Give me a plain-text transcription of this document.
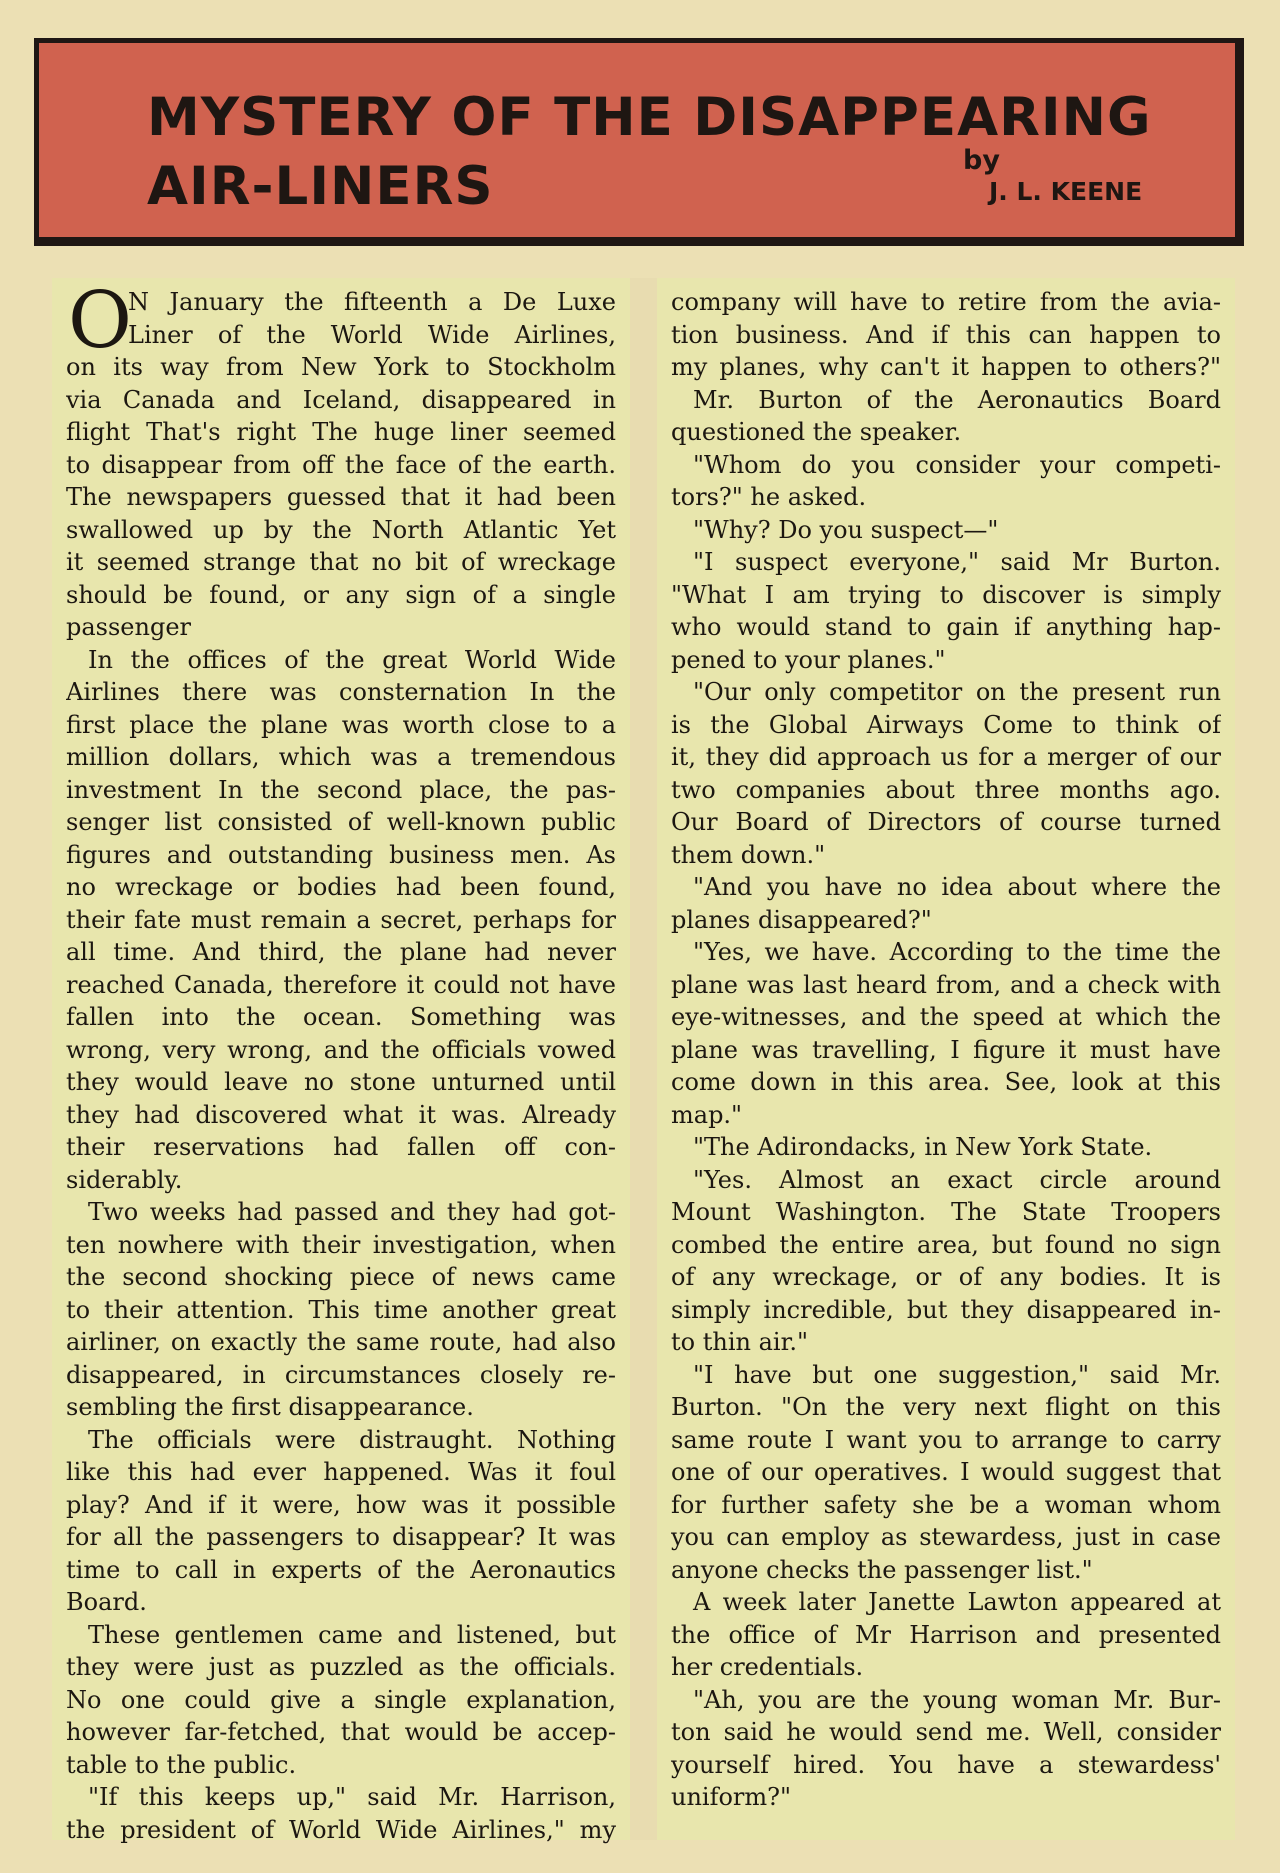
MYSTERY OF THE DISAPPEARING
AIR-LINERS	by
J. L. KEENE
N January the fifteenth a De Luxe
Liner of the World Wide Airlines,
on its way from New York to Stockholm
via Canada and Iceland, disappeared in
flight That's right The huge liner seemed
to disappear from off the face of the earth.
The newspapers guessed that it had been
swallowed up by the North Atlantic Yet
it seemed strange that no bit of wreckage
should be found, or any sign of a single
passenger
In the offices of the great World Wide
Airlines there was consternation In the
first place the plane was worth close to a
million dollars, which was a tremendous
investment In the second place, the pas-
senger list consisted of well-known public
figures and outstanding business men. As
no wreckage or bodies had been found,
their fate must remain a secret, perhaps for
all time. And third, the plane had never
reached Canada, therefore it could not have
fallen into the ocean. Something was
wrong, very wrong, and the officials vowed
they would leave no stone unturned until
they had discovered what it was. Already
their reservations had fallen off con-
siderably.
Two weeks had passed and they had got-
ten nowhere with their investigation, when
the second shocking piece of news came
to their attention. This time another great
airliner, on exactly the same route, had also
disappeared, in circumstances closely re-
sembling the first disappearance.
The officials were distraught. Nothing
like this had ever happened. Was it foul
play? And if it were, how was it possible
for all the passengers to disappear? It was
time to call in experts of the Aeronautics
Board.
These gentlemen came and listened, but
they were just as puzzled as the officials.
No one could give a single explanation,
however far-fetched, that would be accep-
table to the public.
"If this keeps up," said Mr. Harrison,
the president of World Wide Airlines," my
company will have to retire from the avia-
tion business. And if this can happen to
my planes, why can't it happen to others?"
Mr. Burton of the Aeronautics Board
questioned the speaker.
"Whom do you consider your competi-
tors?" he asked.
"Why? Do you suspect—"
"I suspect everyone," said Mr Burton.
"What I am trying to discover is simply
who would stand to gain if anything hap-
pened to your planes."
"Our only competitor on the present run
is the Global Airways Come to think of
it, they did approach us for a merger of our
two companies about three months ago.
Our Board of Directors of course turned
them down."
"And you have no idea about where the
planes disappeared?"
"Yes, we have. According to the time the
plane was last heard from, and a check with
eye-witnesses, and the speed at which the
plane was travelling, I figure it must have
come down in this area. See, look at this
map."
"The Adirondacks, in New York State.
"Yes. Almost an exact circle around
Mount Washington. The State Troopers
combed the entire area, but found no sign
of any wreckage, or of any bodies. It is
simply incredible, but they disappeared in-
to thin air."
"I have but one suggestion," said Mr.
Burton. "On the very next flight on this
same route I want you to arrange to carry
one of our operatives. I would suggest that
for further safety she be a woman whom
you can employ as stewardess, just in case
anyone checks the passenger list."
A week later Janette Lawton appeared at
the office of Mr Harrison and presented
her credentials.
"Ah, you are the young woman Mr. Bur-
ton said he would send me. Well, consider
yourself hired. You have a stewardess'
uniform?"
O
